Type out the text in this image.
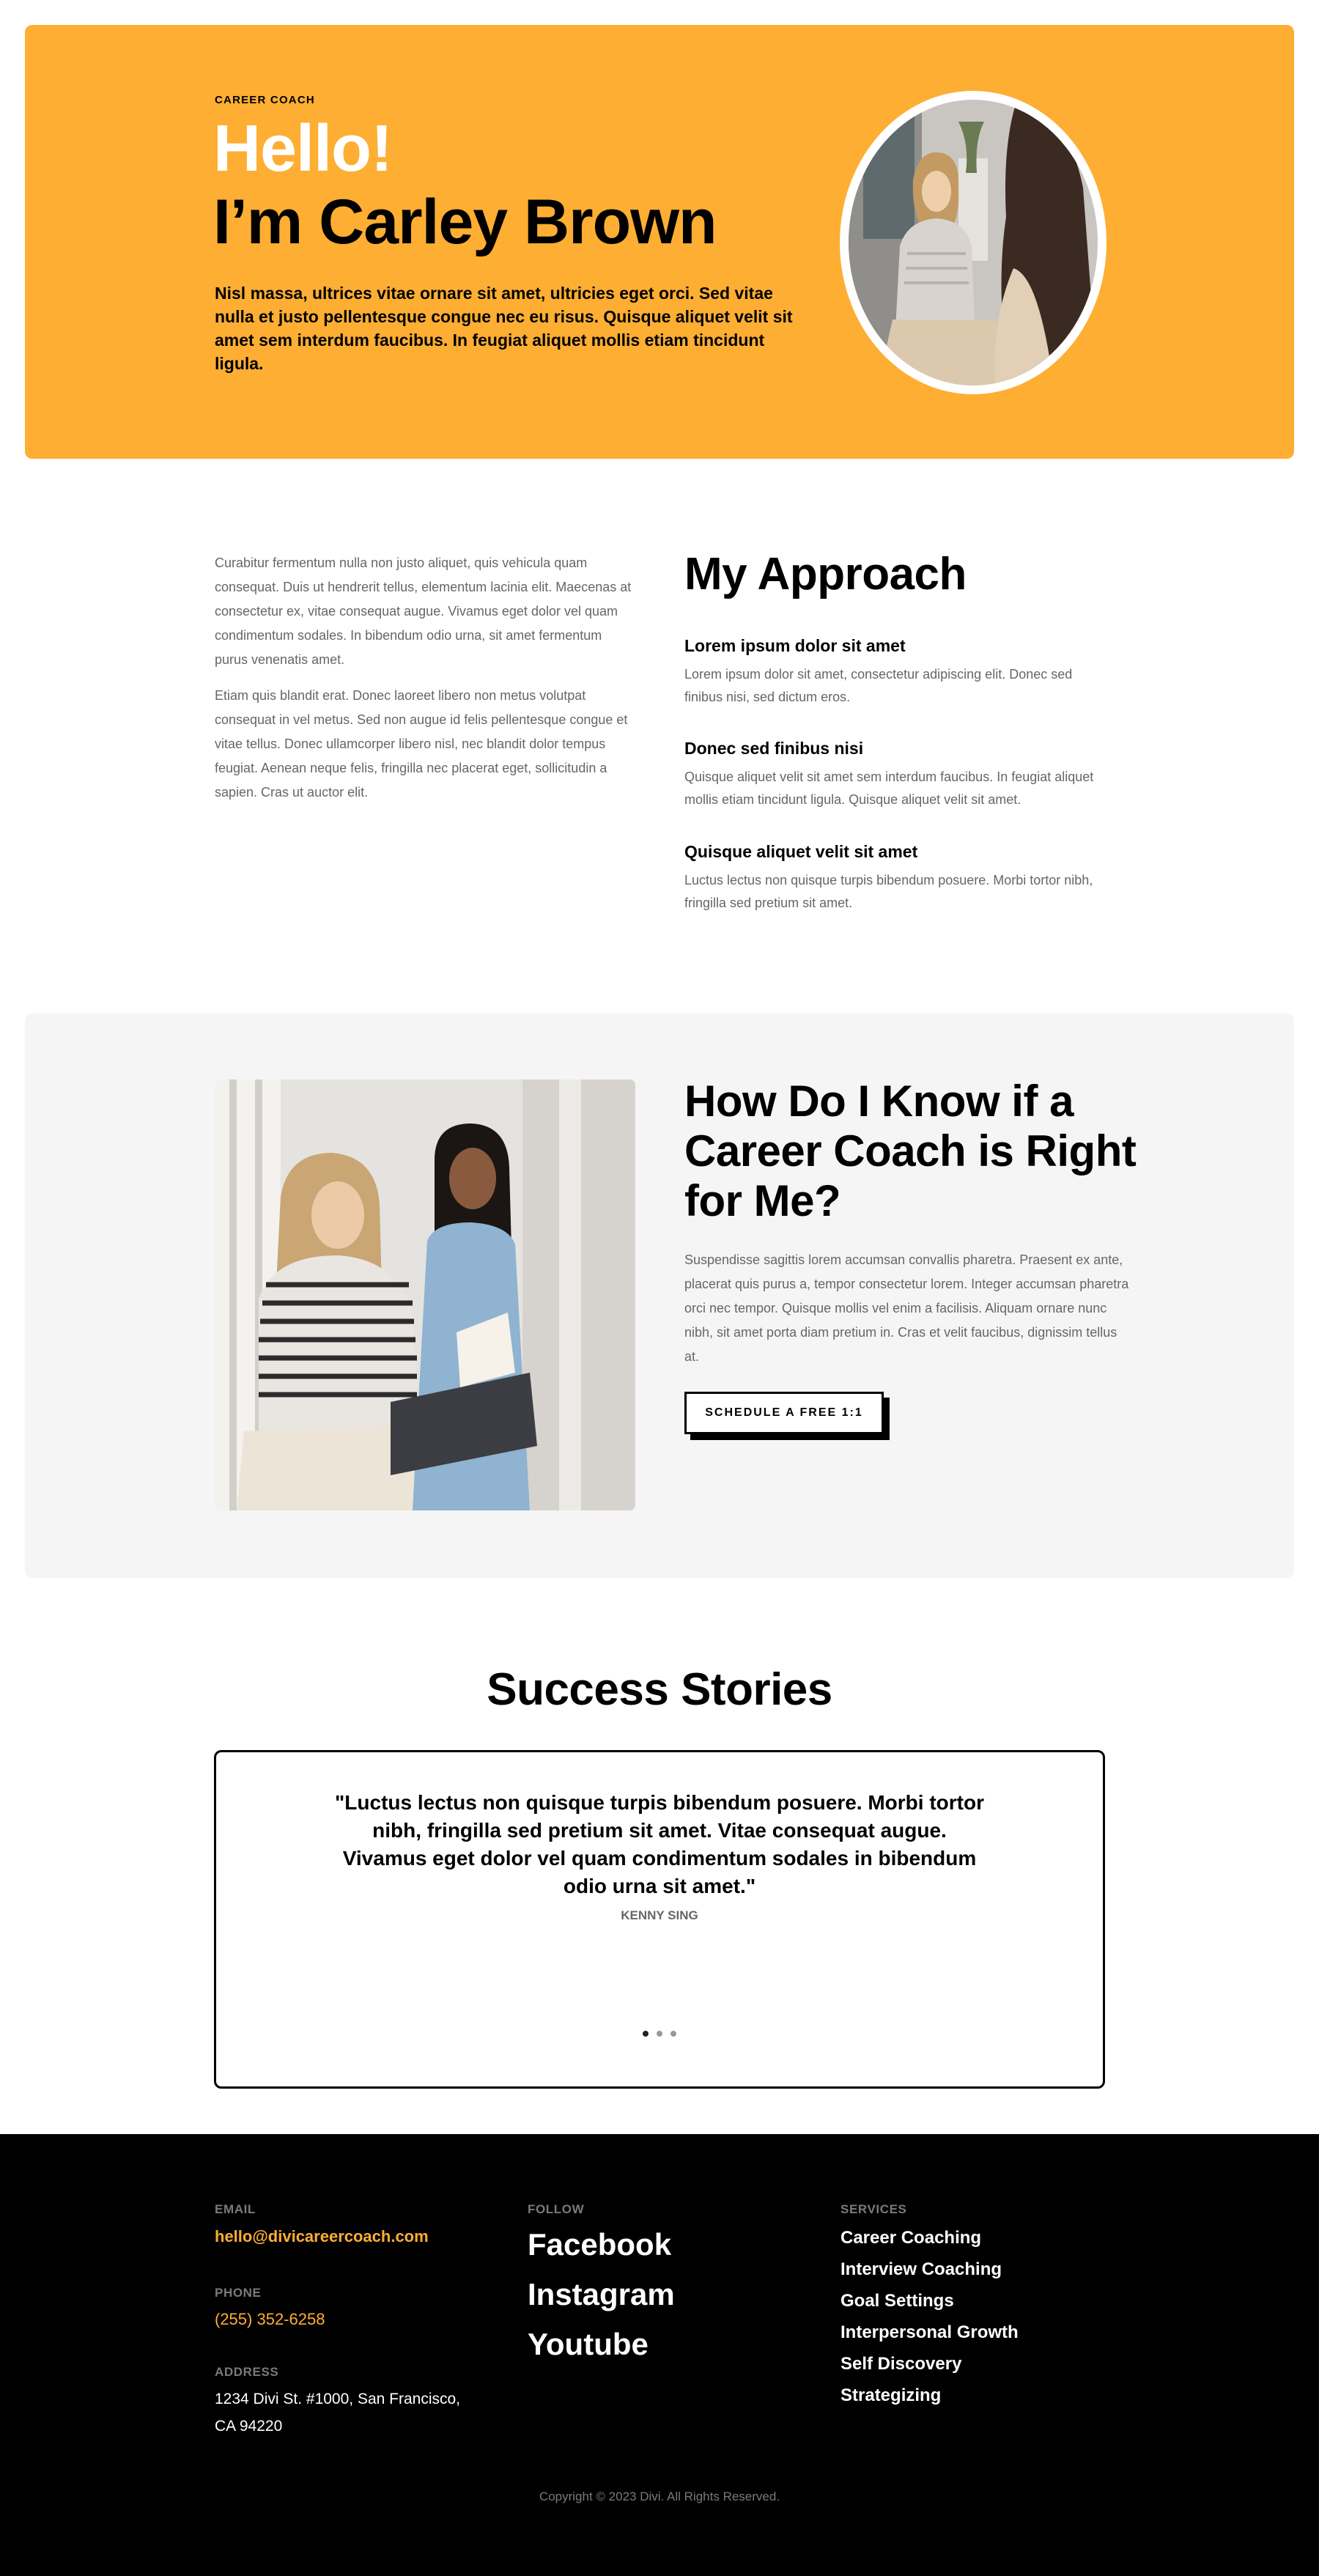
CAREER COACH
Hello!
I’m Carley Brown

Nisl massa, ultrices vitae ornare sit amet, ultricies eget orci. Sed vitae nulla et justo pellentesque congue nec eu risus. Quisque aliquet velit sit amet sem interdum faucibus. In feugiat aliquet mollis etiam tincidunt ligula.

Curabitur fermentum nulla non justo aliquet, quis vehicula quam consequat. Duis ut hendrerit tellus, elementum lacinia elit. Maecenas at consectetur ex, vitae consequat augue. Vivamus eget dolor vel quam condimentum sodales. In bibendum odio urna, sit amet fermentum purus venenatis amet.

Etiam quis blandit erat. Donec laoreet libero non metus volutpat consequat in vel metus. Sed non augue id felis pellentesque congue et vitae tellus. Donec ullamcorper libero nisl, nec blandit dolor tempus feugiat. Aenean neque felis, fringilla nec placerat eget, sollicitudin a sapien. Cras ut auctor elit.

My Approach
Lorem ipsum dolor sit amet

Lorem ipsum dolor sit amet, consectetur adipiscing elit. Donec sed finibus nisi, sed dictum eros.

Donec sed finibus nisi

Quisque aliquet velit sit amet sem interdum faucibus. In feugiat aliquet mollis etiam tincidunt ligula. Quisque aliquet velit sit amet.

Quisque aliquet velit sit amet

Luctus lectus non quisque turpis bibendum posuere. Morbi tortor nibh, fringilla sed pretium sit amet.

How Do I Know if a Career Coach is Right for Me?

Suspendisse sagittis lorem accumsan convallis pharetra. Praesent ex ante, placerat quis purus a, tempor consectetur lorem. Integer accumsan pharetra orci nec tempor. Quisque mollis vel enim a facilisis. Aliquam ornare nunc nibh, sit amet porta diam pretium in. Cras et velit faucibus, dignissim tellus at.

SCHEDULE A FREE 1:1
Success Stories

"Luctus lectus non quisque turpis bibendum posuere. Morbi tortor nibh, fringilla sed pretium sit amet. Vitae consequat augue. Vivamus eget dolor vel quam condimentum sodales in bibendum odio urna sit amet."

KENNY SING
EMAIL
hello@divicareercoach.com
PHONE
(255) 352-6258
ADDRESS
1234 Divi St. #1000, San Francisco,
CA 94220
FOLLOW
Facebook
Instagram
Youtube
SERVICES
Career Coaching
Interview Coaching
Goal Settings
Interpersonal Growth
Self Discovery
Strategizing
Copyright © 2023 Divi. All Rights Reserved.
